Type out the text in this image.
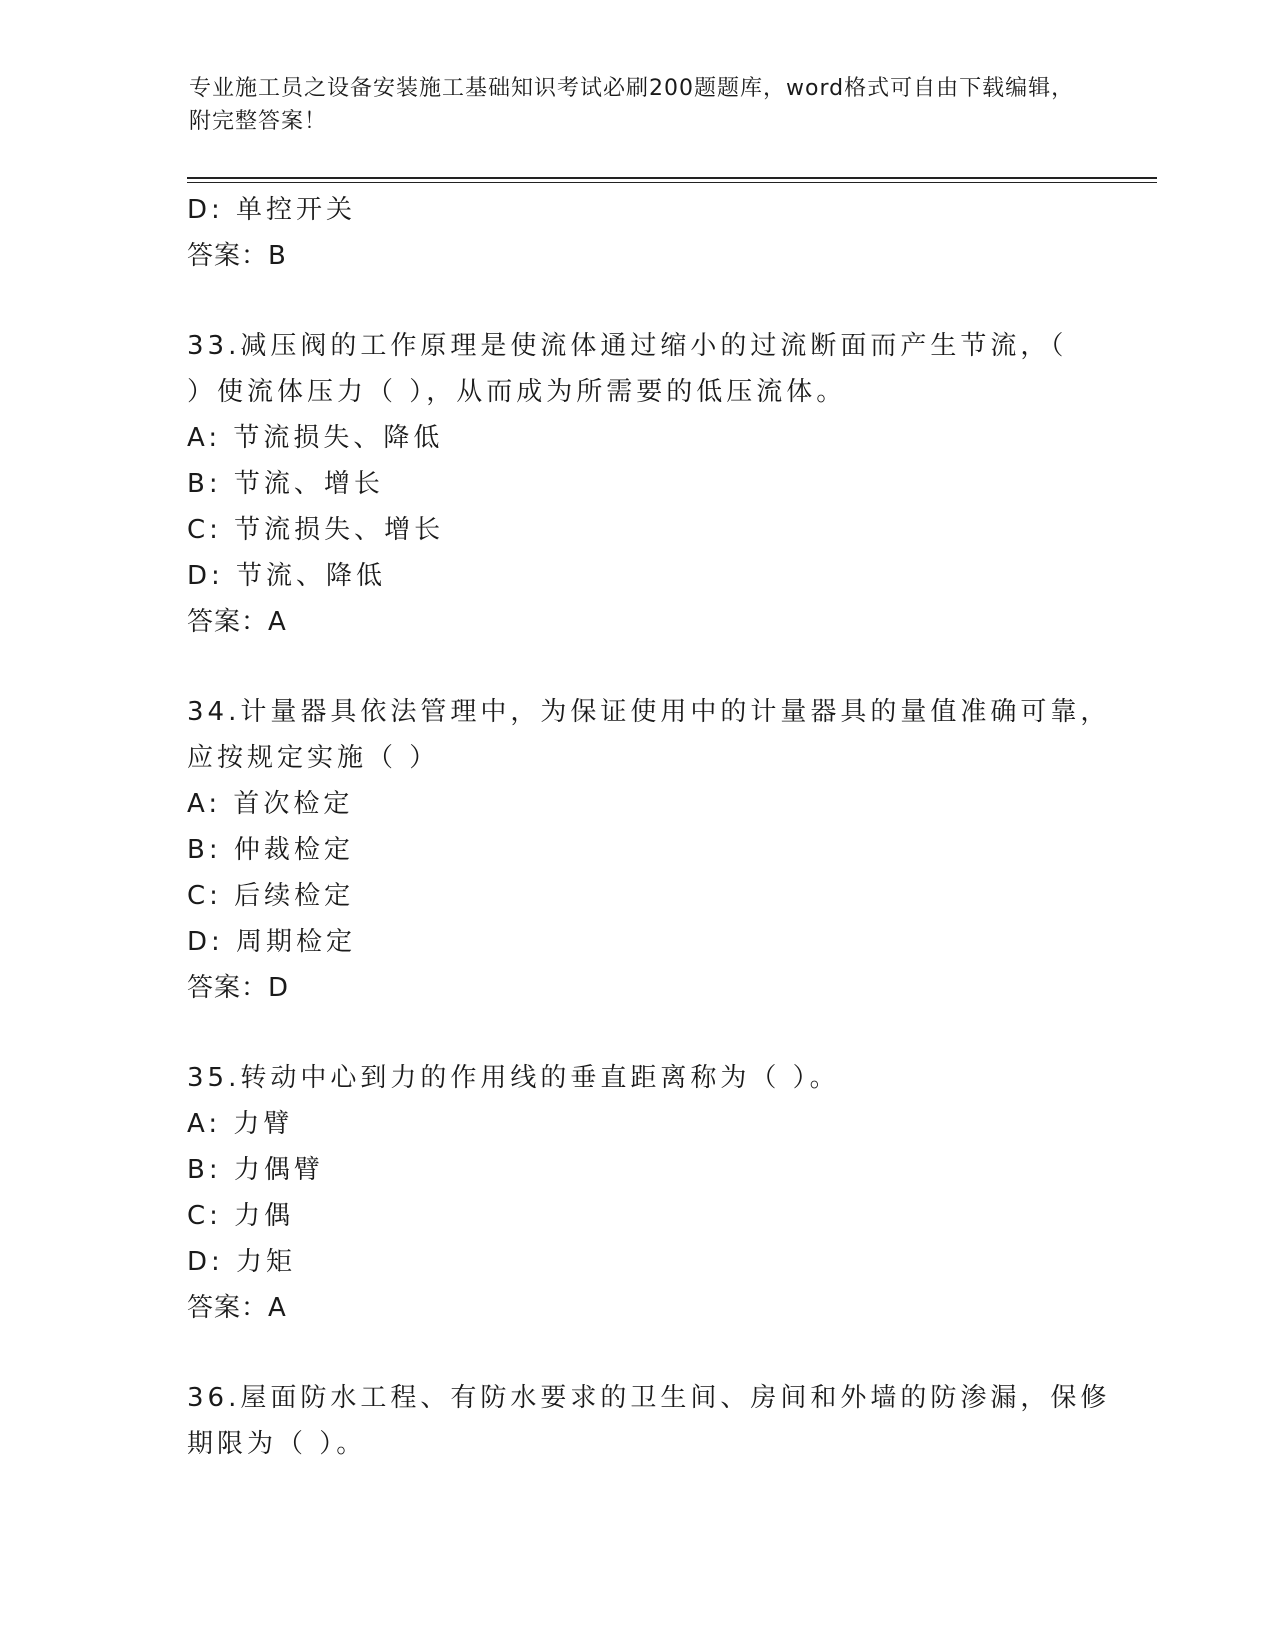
专业施工员之设备安装施工基础知识考试必刷200题题库，word格式可自由下载编辑，附完整答案！
D: 单控开关
答案：B
33.减压阀的工作原理是使流体通过缩小的过流断面而产生节流，（
）使流体压力（ ），从而成为所需要的低压流体。
A: 节流损失、降低
B: 节流、增长
C: 节流损失、增长
D: 节流、降低
答案：A
34.计量器具依法管理中，为保证使用中的计量器具的量值准确可靠，
应按规定实施（ ）
A: 首次检定
B: 仲裁检定
C: 后续检定
D: 周期检定
答案：D
35.转动中心到力的作用线的垂直距离称为（ ）。
A: 力臂
B: 力偶臂
C: 力偶
D: 力矩
答案：A
36.屋面防水工程、有防水要求的卫生间、房间和外墙的防渗漏，保修
期限为（ ）。
